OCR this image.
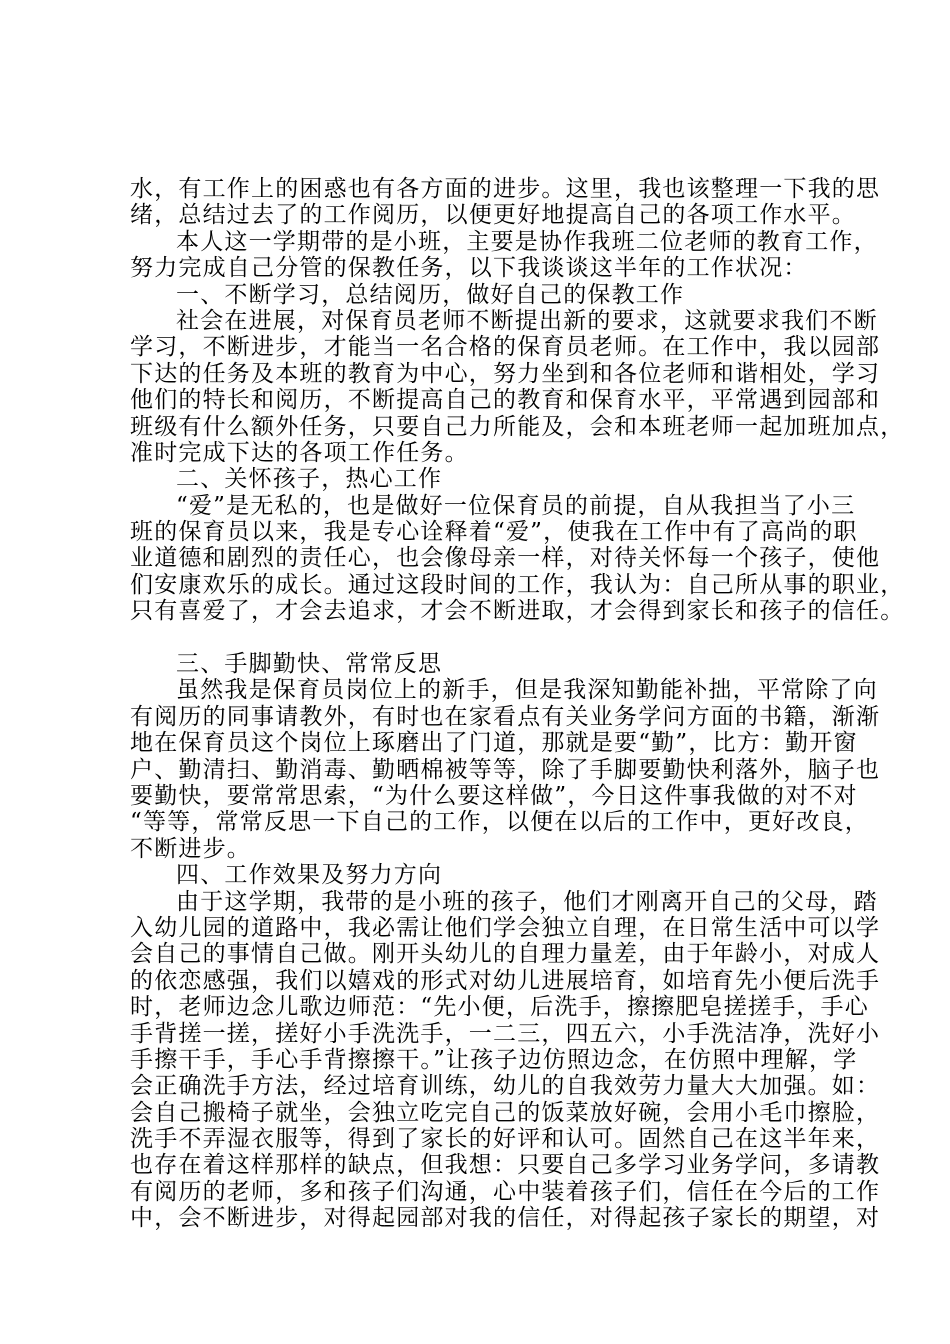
水，有工作上的困惑也有各方面的进步。这里，我也该整理一下我的思
绪，总结过去了的工作阅历，以便更好地提高自己的各项工作水平。
本人这一学期带的是小班，主要是协作我班二位老师的教育工作，
努力完成自己分管的保教任务，以下我谈谈这半年的工作状况：
一、不断学习，总结阅历，做好自己的保教工作
社会在进展，对保育员老师不断提出新的要求，这就要求我们不断
学习，不断进步，才能当一名合格的保育员老师。在工作中，我以园部
下达的任务及本班的教育为中心，努力坐到和各位老师和谐相处，学习
他们的特长和阅历，不断提高自己的教育和保育水平，平常遇到园部和
班级有什么额外任务，只要自己力所能及，会和本班老师一起加班加点，
准时完成下达的各项工作任务。
二、关怀孩子，热心工作
“爱”是无私的，也是做好一位保育员的前提，自从我担当了小三
班的保育员以来，我是专心诠释着“爱”，使我在工作中有了高尚的职
业道德和剧烈的责任心，也会像母亲一样，对待关怀每一个孩子，使他
们安康欢乐的成长。通过这段时间的工作，我认为：自己所从事的职业，
只有喜爱了，才会去追求，才会不断进取，才会得到家长和孩子的信任。
三、手脚勤快、常常反思
虽然我是保育员岗位上的新手，但是我深知勤能补拙，平常除了向
有阅历的同事请教外，有时也在家看点有关业务学问方面的书籍，渐渐
地在保育员这个岗位上琢磨出了门道，那就是要“勤”，比方：勤开窗
户、勤清扫、勤消毒、勤晒棉被等等，除了手脚要勤快利落外，脑子也
要勤快，要常常思索，“为什么要这样做”，今日这件事我做的对不对
“等等，常常反思一下自己的工作，以便在以后的工作中，更好改良，
不断进步。
四、工作效果及努力方向
由于这学期，我带的是小班的孩子，他们才刚离开自己的父母，踏
入幼儿园的道路中，我必需让他们学会独立自理，在日常生活中可以学
会自己的事情自己做。刚开头幼儿的自理力量差，由于年龄小，对成人
的依恋感强，我们以嬉戏的形式对幼儿进展培育，如培育先小便后洗手
时，老师边念儿歌边师范：“先小便，后洗手，擦擦肥皂搓搓手，手心
手背搓一搓，搓好小手洗洗手，一二三，四五六，小手洗洁净，洗好小
手擦干手，手心手背擦擦干。”让孩子边仿照边念，在仿照中理解，学
会正确洗手方法，经过培育训练，幼儿的自我效劳力量大大加强。如：
会自己搬椅子就坐，会独立吃完自己的饭菜放好碗，会用小毛巾擦脸，
洗手不弄湿衣服等，得到了家长的好评和认可。固然自己在这半年来，
也存在着这样那样的缺点，但我想：只要自己多学习业务学问，多请教
有阅历的老师，多和孩子们沟通，心中装着孩子们，信任在今后的工作
中，会不断进步，对得起园部对我的信任，对得起孩子家长的期望，对
